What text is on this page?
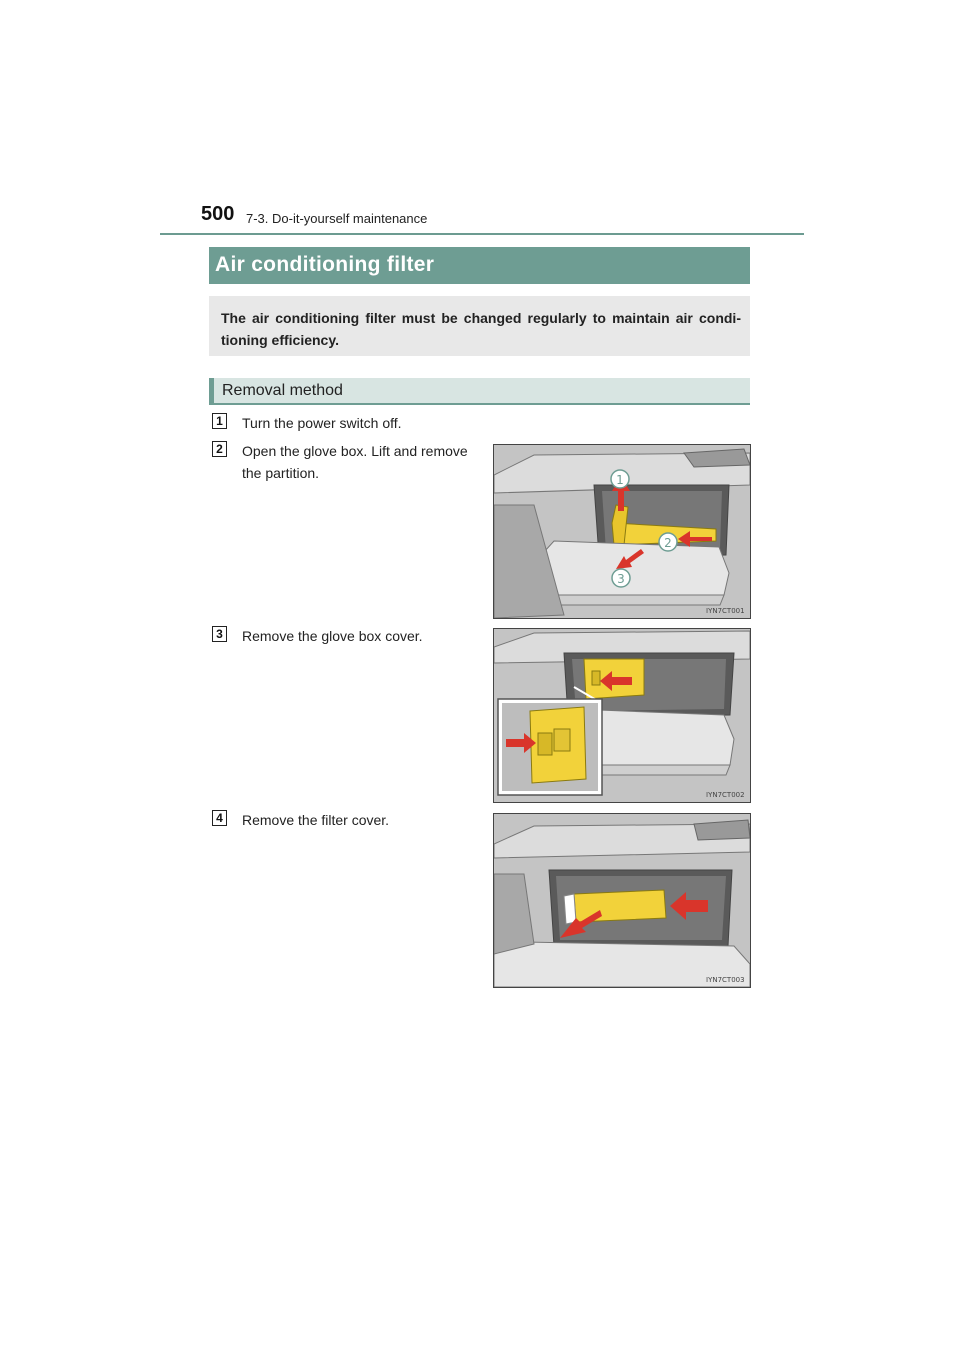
500 7-3. Do-it-yourself maintenance
Air conditioning filter
The air conditioning filter must be changed regularly to maintain air condi-tioning efficiency.
Removal method
1 Turn the power switch off.
2 Open the glove box. Lift and remove the partition.	1
2
3
IYN7CT001
3 Remove the glove box cover.
IYN7CT002
4 Remove the filter cover.
IYN7CT003
